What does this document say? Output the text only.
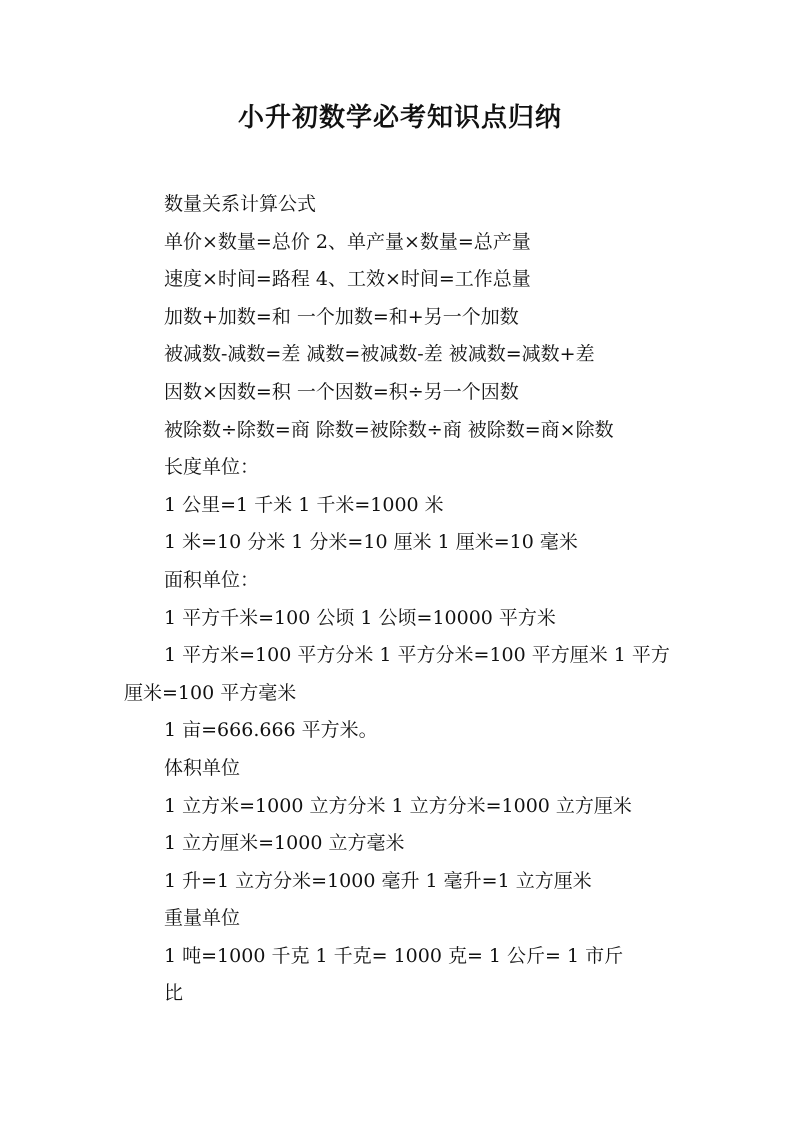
小升初数学必考知识点归纳

数量关系计算公式

单价×数量=总价 2、单产量×数量=总产量

速度×时间=路程 4、工效×时间=工作总量

加数+加数=和 一个加数=和+另一个加数

被减数-减数=差 减数=被减数-差 被减数=减数+差

因数×因数=积 一个因数=积÷另一个因数

被除数÷除数=商 除数=被除数÷商 被除数=商×除数

长度单位：

1 公里=1 千米 1 千米=1000 米

1 米=10 分米 1 分米=10 厘米 1 厘米=10 毫米

面积单位：

1 平方千米=100 公顷 1 公顷=10000 平方米

1 平方米=100 平方分米 1 平方分米=100 平方厘米 1 平方厘米=100 平方毫米

1 亩=666.666 平方米。

体积单位

1 立方米=1000 立方分米 1 立方分米=1000 立方厘米

1 立方厘米=1000 立方毫米

1 升=1 立方分米=1000 毫升 1 毫升=1 立方厘米

重量单位

1 吨=1000 千克 1 千克= 1000 克= 1 公斤= 1 市斤

比
